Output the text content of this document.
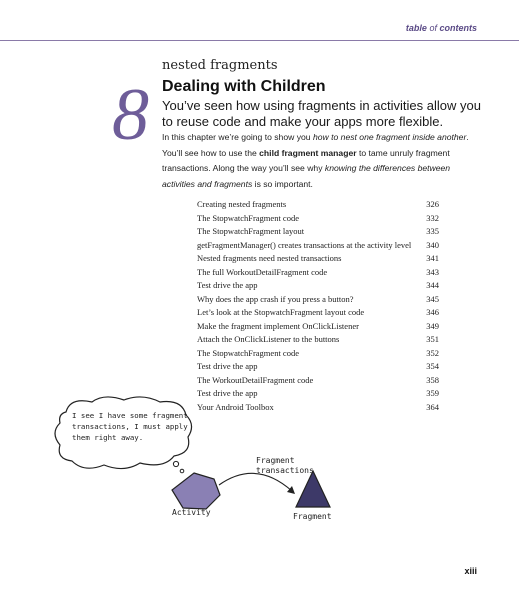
table of contents
8
nested fragments
Dealing with Children
You’ve seen how using fragments in activities allow you to reuse code and make your apps more flexible.
In this chapter we’re going to show you how to nest one fragment inside another. You’ll see how to use the child fragment manager to tame unruly fragment transactions. Along the way you’ll see why knowing the differences between activities and fragments is so important.
Creating nested fragments	326
The StopwatchFragment code	332
The StopwatchFragment layout	335
getFragmentManager() creates transactions at the activity level 340
Nested fragments need nested transactions	341
The full WorkoutDetailFragment code	343
Test drive the app	344
Why does the app crash if you press a button?	345
Let’s look at the StopwatchFragment layout code	346
Make the fragment implement OnClickListener	349
Attach the OnClickListener to the buttons	351
The StopwatchFragment code	352
Test drive the app	354
The WorkoutDetailFragment code	358
Test drive the app	359
Your Android Toolbox	364
I see I have some fragment transactions, I must apply them right away.
Activity	Fragment
Fragment transactions
xiii
